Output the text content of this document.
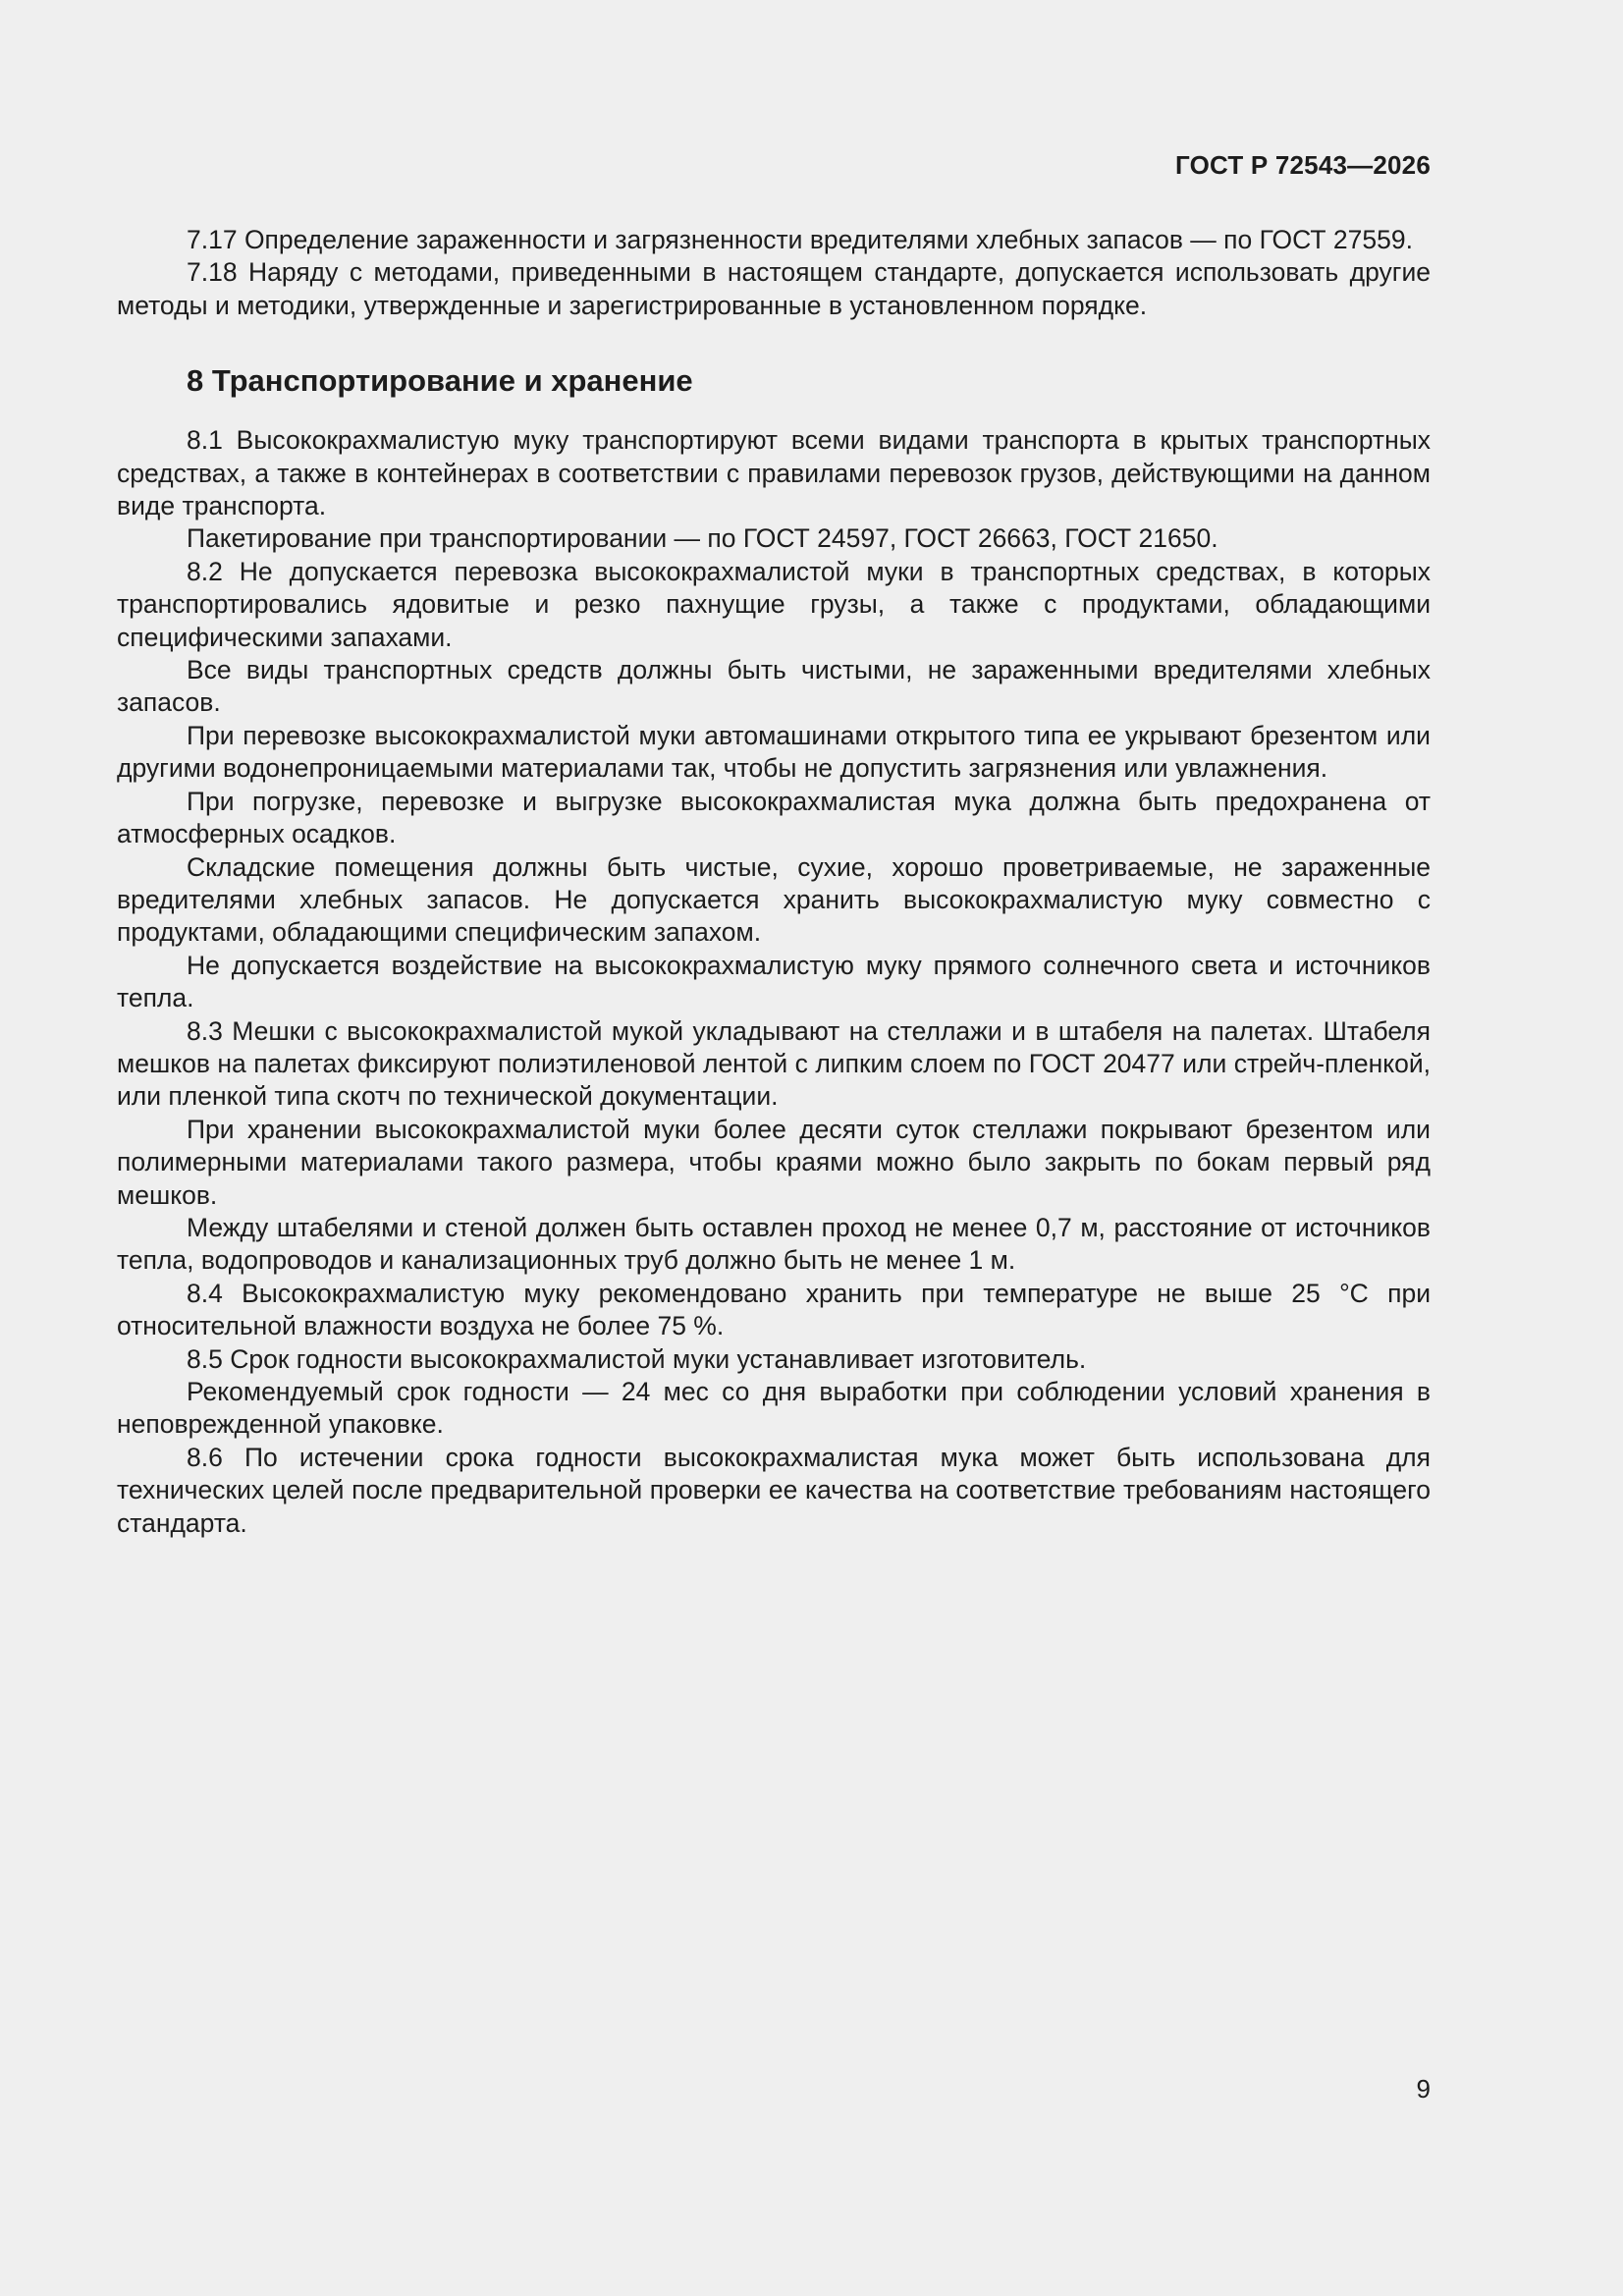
ГОСТ Р 72543—2026

7.17 Определение зараженности и загрязненности вредителями хлебных запасов — по ГОСТ 27559.

7.18 Наряду с методами, приведенными в настоящем стандарте, допускается использовать другие методы и методики, утвержденные и зарегистрированные в установленном порядке.

8 Транспортирование и хранение

8.1 Высококрахмалистую муку транспортируют всеми видами транспорта в крытых транспортных средствах, а также в контейнерах в соответствии с правилами перевозок грузов, действующими на данном виде транспорта.

Пакетирование при транспортировании — по ГОСТ 24597, ГОСТ 26663, ГОСТ 21650.

8.2 Не допускается перевозка высококрахмалистой муки в транспортных средствах, в которых транспортировались ядовитые и резко пахнущие грузы, а также с продуктами, обладающими специфическими запахами.

Все виды транспортных средств должны быть чистыми, не зараженными вредителями хлебных запасов.

При перевозке высококрахмалистой муки автомашинами открытого типа ее укрывают брезентом или другими водонепроницаемыми материалами так, чтобы не допустить загрязнения или увлажнения.

При погрузке, перевозке и выгрузке высококрахмалистая мука должна быть предохранена от атмосферных осадков.

Складские помещения должны быть чистые, сухие, хорошо проветриваемые, не зараженные вредителями хлебных запасов. Не допускается хранить высококрахмалистую муку совместно с продуктами, обладающими специфическим запахом.

Не допускается воздействие на высококрахмалистую муку прямого солнечного света и источников тепла.

8.3 Мешки с высококрахмалистой мукой укладывают на стеллажи и в штабеля на палетах. Штабеля мешков на палетах фиксируют полиэтиленовой лентой с липким слоем по ГОСТ 20477 или стрейч-пленкой, или пленкой типа скотч по технической документации.

При хранении высококрахмалистой муки более десяти суток стеллажи покрывают брезентом или полимерными материалами такого размера, чтобы краями можно было закрыть по бокам первый ряд мешков.

Между штабелями и стеной должен быть оставлен проход не менее 0,7 м, расстояние от источников тепла, водопроводов и канализационных труб должно быть не менее 1 м.

8.4 Высококрахмалистую муку рекомендовано хранить при температуре не выше 25 °С при относительной влажности воздуха не более 75 %.

8.5 Срок годности высококрахмалистой муки устанавливает изготовитель.

Рекомендуемый срок годности — 24 мес со дня выработки при соблюдении условий хранения в неповрежденной упаковке.

8.6 По истечении срока годности высококрахмалистая мука может быть использована для технических целей после предварительной проверки ее качества на соответствие требованиям настоящего стандарта.

9
